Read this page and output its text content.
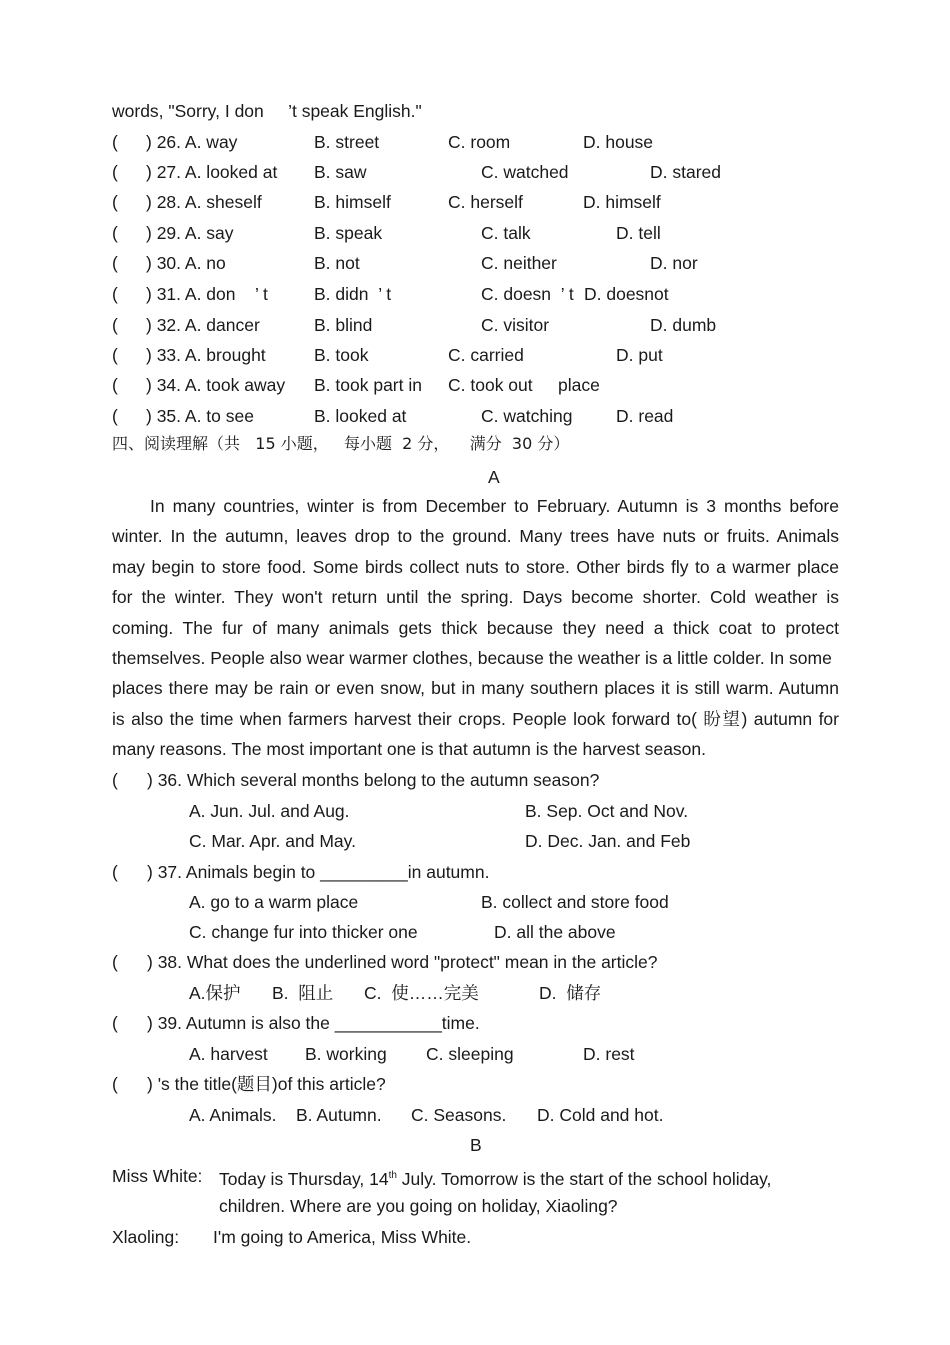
words, "Sorry, I don     ’t speak English."
( ) 26. A. way	B. street	C. room	D. house
( ) 27. A. looked at B. saw	C. watched	D. stared
( ) 28. A. sheself	B. himself	C. herself	D. himself
( ) 29. A. say	B. speak	C. talk	D. tell
( ) 30. A. no	B. not	C. neither	D. nor
( ) 31. A. don    ’ t	B. didn  ’ t	C. doesn  ’ t D. doesnot
( ) 32. A. dancer	B. blind	C. visitor	D. dumb
( ) 33. A. brought	B. took	C. carried	D. put
( ) 34. A. took away B. took part in C. took out place
( ) 35. A. to see	B. looked at	C. watching D. read
四、阅读理解（共   15 小题，   每小题  2 分，    满分  30 分）
A
In many countries, winter is from December to February. Autumn is 3 months before
winter. In the autumn, leaves drop to the ground. Many trees have nuts or fruits. Animals
may begin to store food. Some birds collect nuts to store. Other birds fly to a warmer place
for the winter. They won't return until the spring. Days become shorter. Cold weather is
coming. The fur of many animals gets thick because they need a thick coat to protect
themselves. People also wear warmer clothes, because the weather is a little colder. In some
places there may be rain or even snow, but in many southern places it is still warm. Autumn
is also the time when farmers harvest their crops. People look forward to( 盼望) autumn for
many reasons. The most important one is that autumn is the harvest season.
(      ) 36. Which several months belong to the autumn season?
A. Jun. Jul. and Aug.	B. Sep. Oct and Nov.
C. Mar. Apr. and May.	D. Dec. Jan. and Feb
(      ) 37. Animals begin to _________in autumn.
A. go to a warm place	B. collect and store food
C. change fur into thicker one	D. all the above
(      ) 38. What does the underlined word "protect" mean in the article?
A.保护 B.  阻止 C.  使……完美	D.  储存
(      ) 39. Autumn is also the ___________time.
A. harvest B. working C. sleeping	D. rest
(      ) 's the title(题目)of this article?
A. Animals. B. Autumn. C. Seasons. D. Cold and hot.
B
Miss White: Today is Thursday, 14th July. Tomorrow is the start of the school holiday,
children. Where are you going on holiday, Xiaoling?
Xlaoling: I'm going to America, Miss White.
